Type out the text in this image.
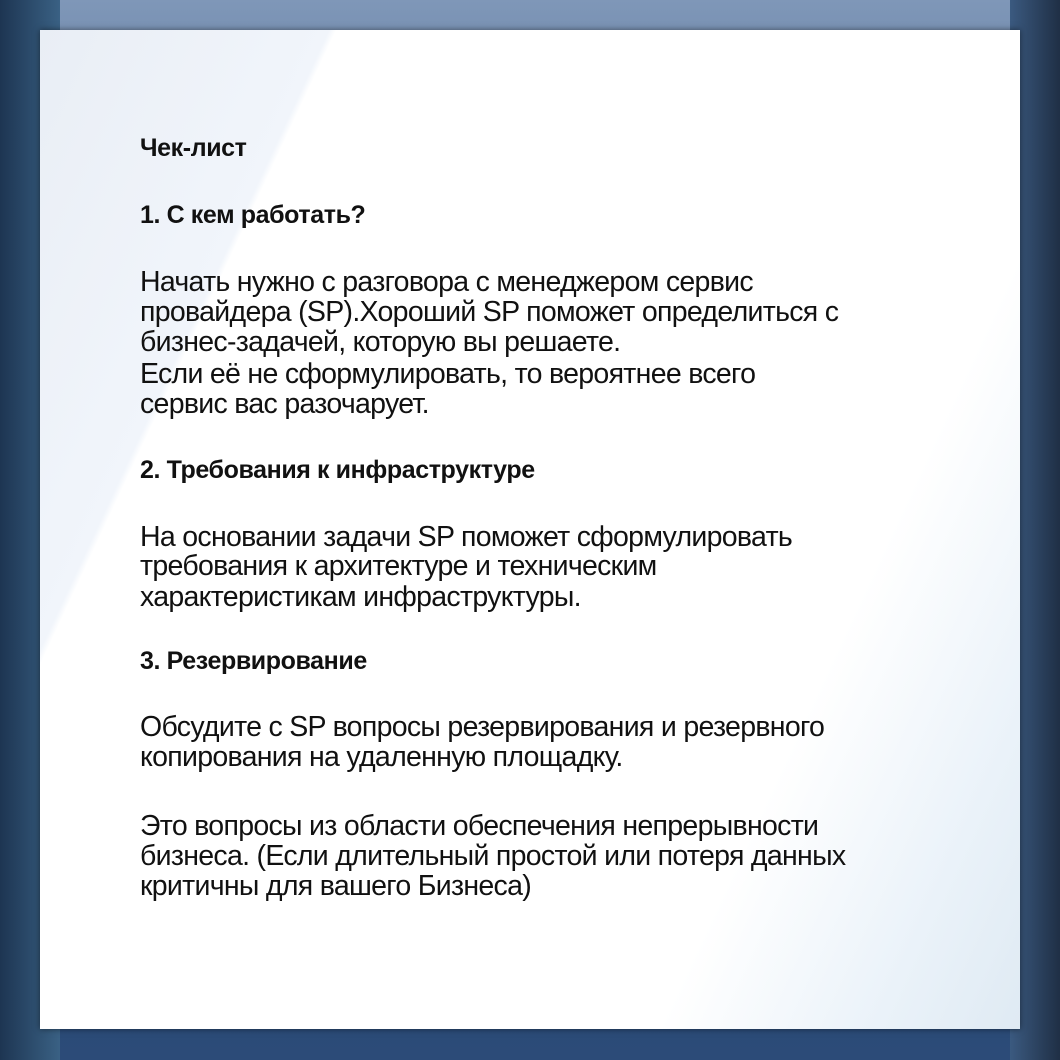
Чек-лист
1. С кем работать?
Начать нужно с разговора с менеджером сервис
провайдера (SP).Хороший SP поможет определиться с
бизнес-задачей, которую вы решаете.
Если её не сформулировать, то вероятнее всего
сервис вас разочарует.
2. Требования к инфраструктуре
На основании задачи SP поможет сформулировать
требования к архитектуре и техническим
характеристикам инфраструктуры.
3. Резервирование
Обсудите с SP вопросы резервирования и резервного
копирования на удаленную площадку.
Это вопросы из области обеспечения непрерывности
бизнеса. (Если длительный простой или потеря данных
критичны для вашего Бизнеса)
